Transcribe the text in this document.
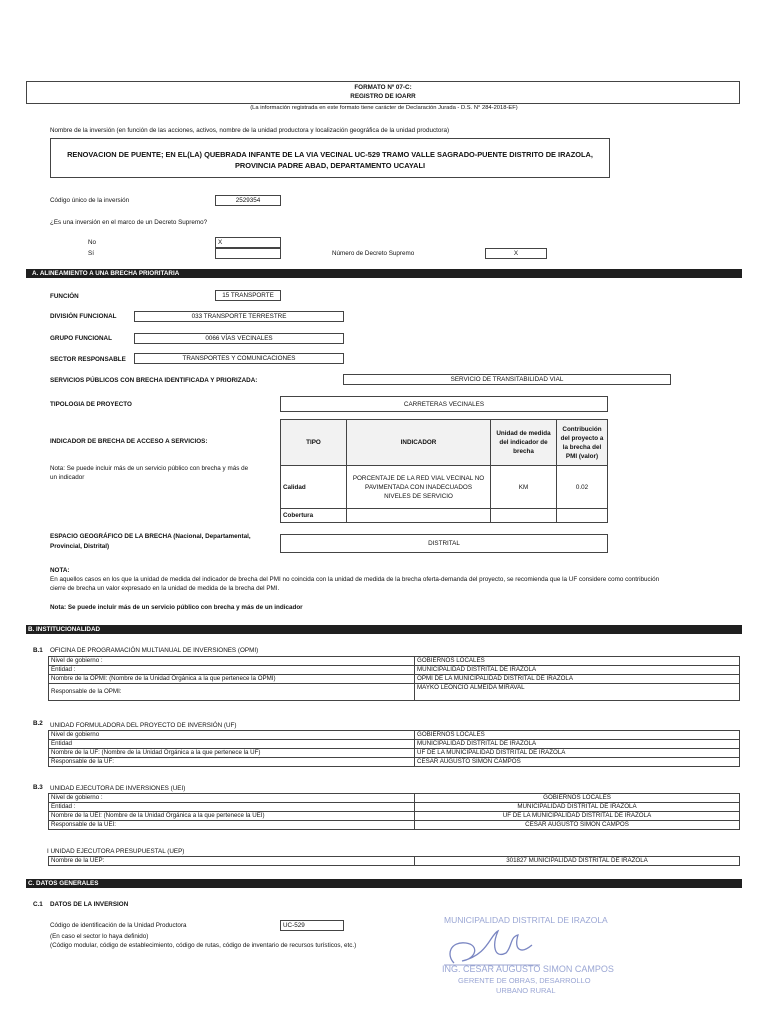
FORMATO Nº 07-C:
REGISTRO DE IOARR
(La información registrada en este formato tiene carácter de Declaración Jurada - D.S. N° 284-2018-EF)
Nombre de la inversión (en función de las acciones, activos, nombre de la unidad productora y localización geográfica de la unidad productora)
RENOVACION DE PUENTE; EN EL(LA) QUEBRADA INFANTE DE LA VIA VECINAL UC-529 TRAMO VALLE SAGRADO-PUENTE DISTRITO DE IRAZOLA,
PROVINCIA PADRE ABAD, DEPARTAMENTO UCAYALI
Código único de la inversión	2529354
¿Es una inversión en el marco de un Decreto Supremo?
No	X
Sí	Número de Decreto Supremo	X
A. ALINEAMIENTO A UNA BRECHA PRIORITARIA
FUNCIÓN	15 TRANSPORTE
DIVISIÓN FUNCIONAL	033 TRANSPORTE TERRESTRE
GRUPO FUNCIONAL	0066 VÍAS VECINALES
SECTOR RESPONSABLE	TRANSPORTES Y COMUNICACIONES
SERVICIOS PÚBLICOS CON BRECHA IDENTIFICADA Y PRIORIZADA:	SERVICIO DE TRANSITABILIDAD VIAL
TIPOLOGIA DE PROYECTO	CARRETERAS VECINALES
INDICADOR DE BRECHA DE ACCESO A SERVICIOS:
Nota: Se puede incluir más de un servicio público con brecha y más de
un indicador
TIPO	INDICADOR	Unidad de medida del indicador de brecha	Contribución del proyecto a la brecha del PMI (valor)
Calidad	PORCENTAJE DE LA RED VIAL VECINAL NO PAVIMENTADA CON INADECUADOS NIVELES DE SERVICIO	KM	0.02
Cobertura			
ESPACIO GEOGRÁFICO DE LA BRECHA (Nacional, Departamental,
Provincial, Distrital)	DISTRITAL
NOTA:
En aquellos casos en los que la unidad de medida del indicador de brecha del PMI no coincida con la unidad de medida de la brecha oferta-demanda del proyecto, se recomienda que la UF considere como contribución
cierre de brecha un valor expresado en la unidad de medida de la brecha del PMI.
Nota: Se puede incluir más de un servicio público con brecha y más de un indicador
B. INSTITUCIONALIDAD
B.1 OFICINA DE PROGRAMACIÓN MULTIANUAL DE INVERSIONES (OPMI)
Nivel de gobierno :	GOBIERNOS LOCALES
Entidad :	MUNICIPALIDAD DISTRITAL DE IRAZOLA
Nombre de la OPMI: (Nombre de la Unidad Orgánica a la que pertenece la OPMI)	OPMI DE LA MUNICIPALIDAD DISTRITAL DE IRAZOLA
Responsable de la OPMI:	MAYKO LEONCIO ALMEIDA MIRAVAL
B.2 UNIDAD FORMULADORA DEL PROYECTO DE INVERSIÓN (UF)
Nivel de gobierno	GOBIERNOS LOCALES
Entidad	MUNICIPALIDAD DISTRITAL DE IRAZOLA
Nombre de la UF: (Nombre de la Unidad Orgánica a la que pertenece la UF)	UF DE LA MUNICIPALIDAD DISTRITAL DE IRAZOLA
Responsable de la UF:	CESAR AUGUSTO SIMON CAMPOS
B.3 UNIDAD EJECUTORA DE INVERSIONES (UEI)
Nivel de gobierno :	GOBIERNOS LOCALES
Entidad :	MUNICIPALIDAD DISTRITAL DE IRAZOLA
Nombre de la UEI: (Nombre de la Unidad Orgánica a la que pertenece la UEI)	UF DE LA MUNICIPALIDAD DISTRITAL DE IRAZOLA
Responsable de la UEI:	CESAR AUGUSTO SIMON CAMPOS
I UNIDAD EJECUTORA PRESUPUESTAL (UEP)
Nombre de la UEP:	301827 MUNICIPALIDAD DISTRITAL DE IRAZOLA
C. DATOS GENERALES
C.1 DATOS DE LA INVERSION
Código de identificación de la Unidad Productora	UC-529
(En caso el sector lo haya definido)
(Código modular, código de establecimiento, código de rutas, código de inventario de recursos turísticos, etc.)
MUNICIPALIDAD DISTRITAL DE IRAZOLA
ING. CESAR AUGUSTO SIMON CAMPOS
GERENTE DE OBRAS, DESARROLLO
URBANO RURAL
